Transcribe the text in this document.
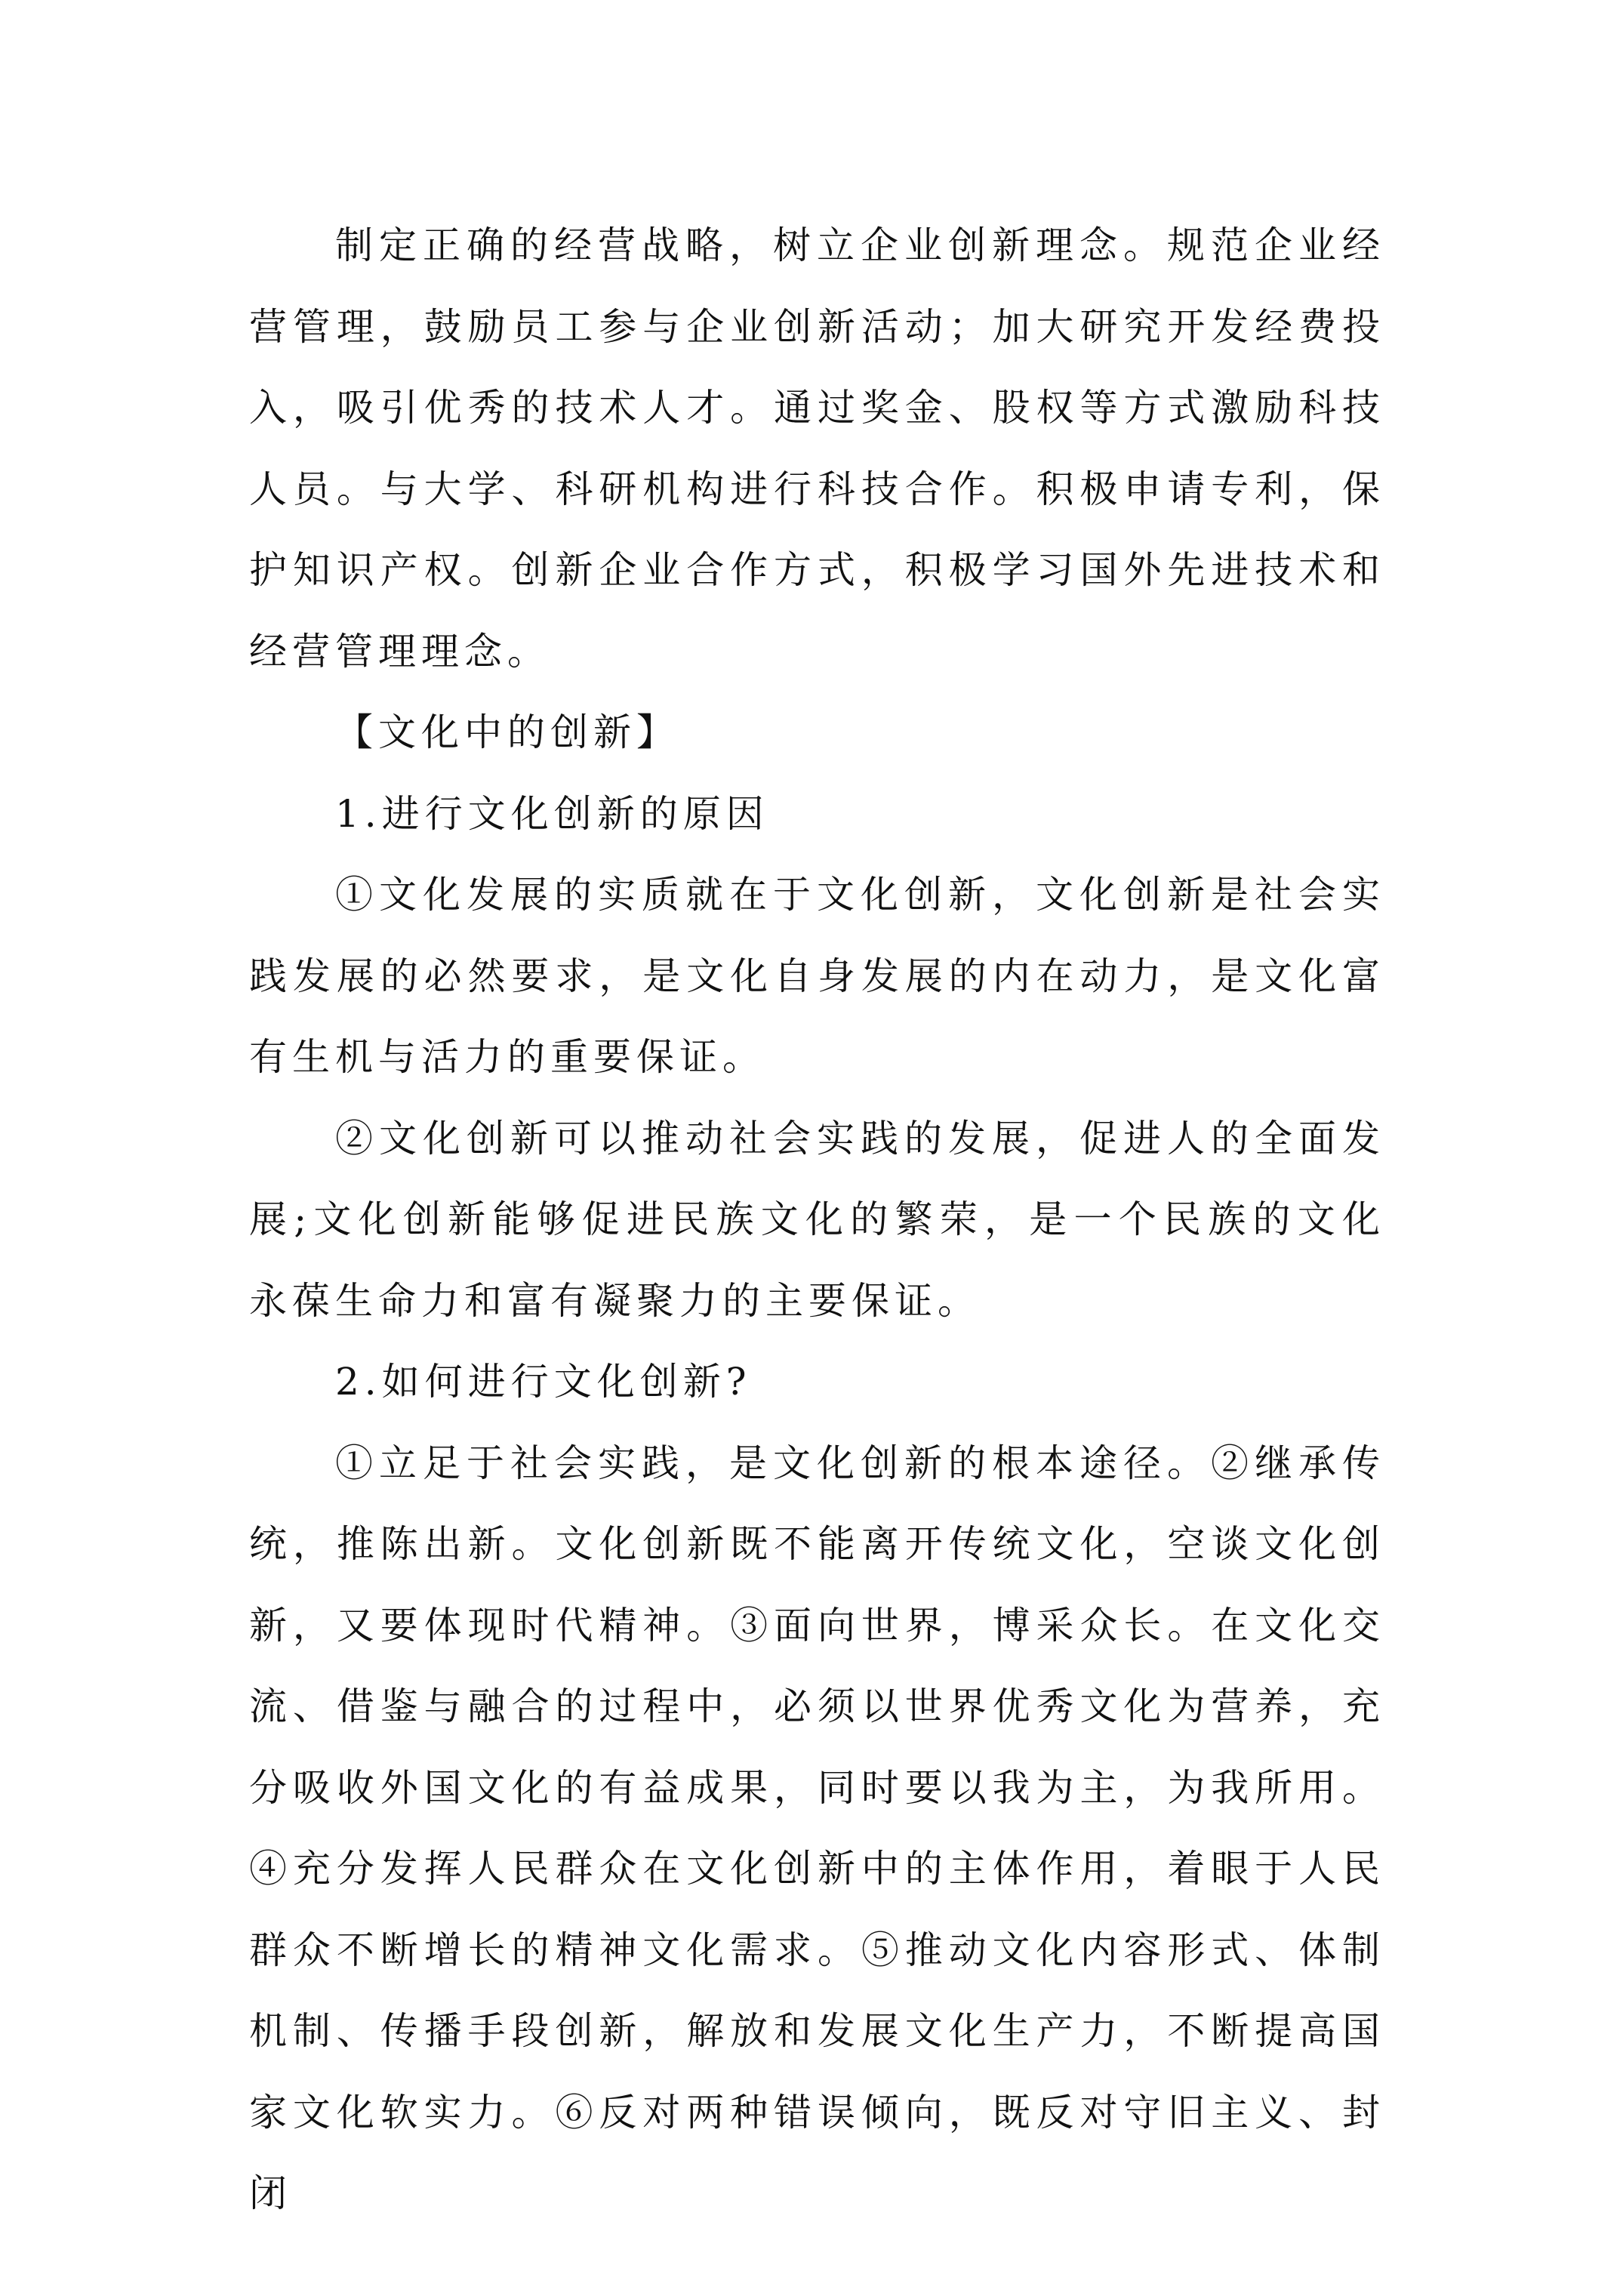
制定正确的经营战略，树立企业创新理念。规范企业经营管理，鼓励员工参与企业创新活动；加大研究开发经费投入，吸引优秀的技术人才。通过奖金、股权等方式激励科技人员。与大学、科研机构进行科技合作。积极申请专利，保护知识产权。创新企业合作方式，积极学习国外先进技术和经营管理理念。

【文化中的创新】

1.进行文化创新的原因

①文化发展的实质就在于文化创新，文化创新是社会实践发展的必然要求，是文化自身发展的内在动力，是文化富有生机与活力的重要保证。

②文化创新可以推动社会实践的发展，促进人的全面发展;文化创新能够促进民族文化的繁荣，是一个民族的文化永葆生命力和富有凝聚力的主要保证。

2.如何进行文化创新?

①立足于社会实践，是文化创新的根本途径。②继承传统，推陈出新。文化创新既不能离开传统文化，空谈文化创新，又要体现时代精神。③面向世界，博采众长。在文化交流、借鉴与融合的过程中，必须以世界优秀文化为营养，充分吸收外国文化的有益成果，同时要以我为主，为我所用。④充分发挥人民群众在文化创新中的主体作用，着眼于人民群众不断增长的精神文化需求。⑤推动文化内容形式、体制机制、传播手段创新，解放和发展文化生产力，不断提高国家文化软实力。⑥反对两种错误倾向，既反对守旧主义、封闭
